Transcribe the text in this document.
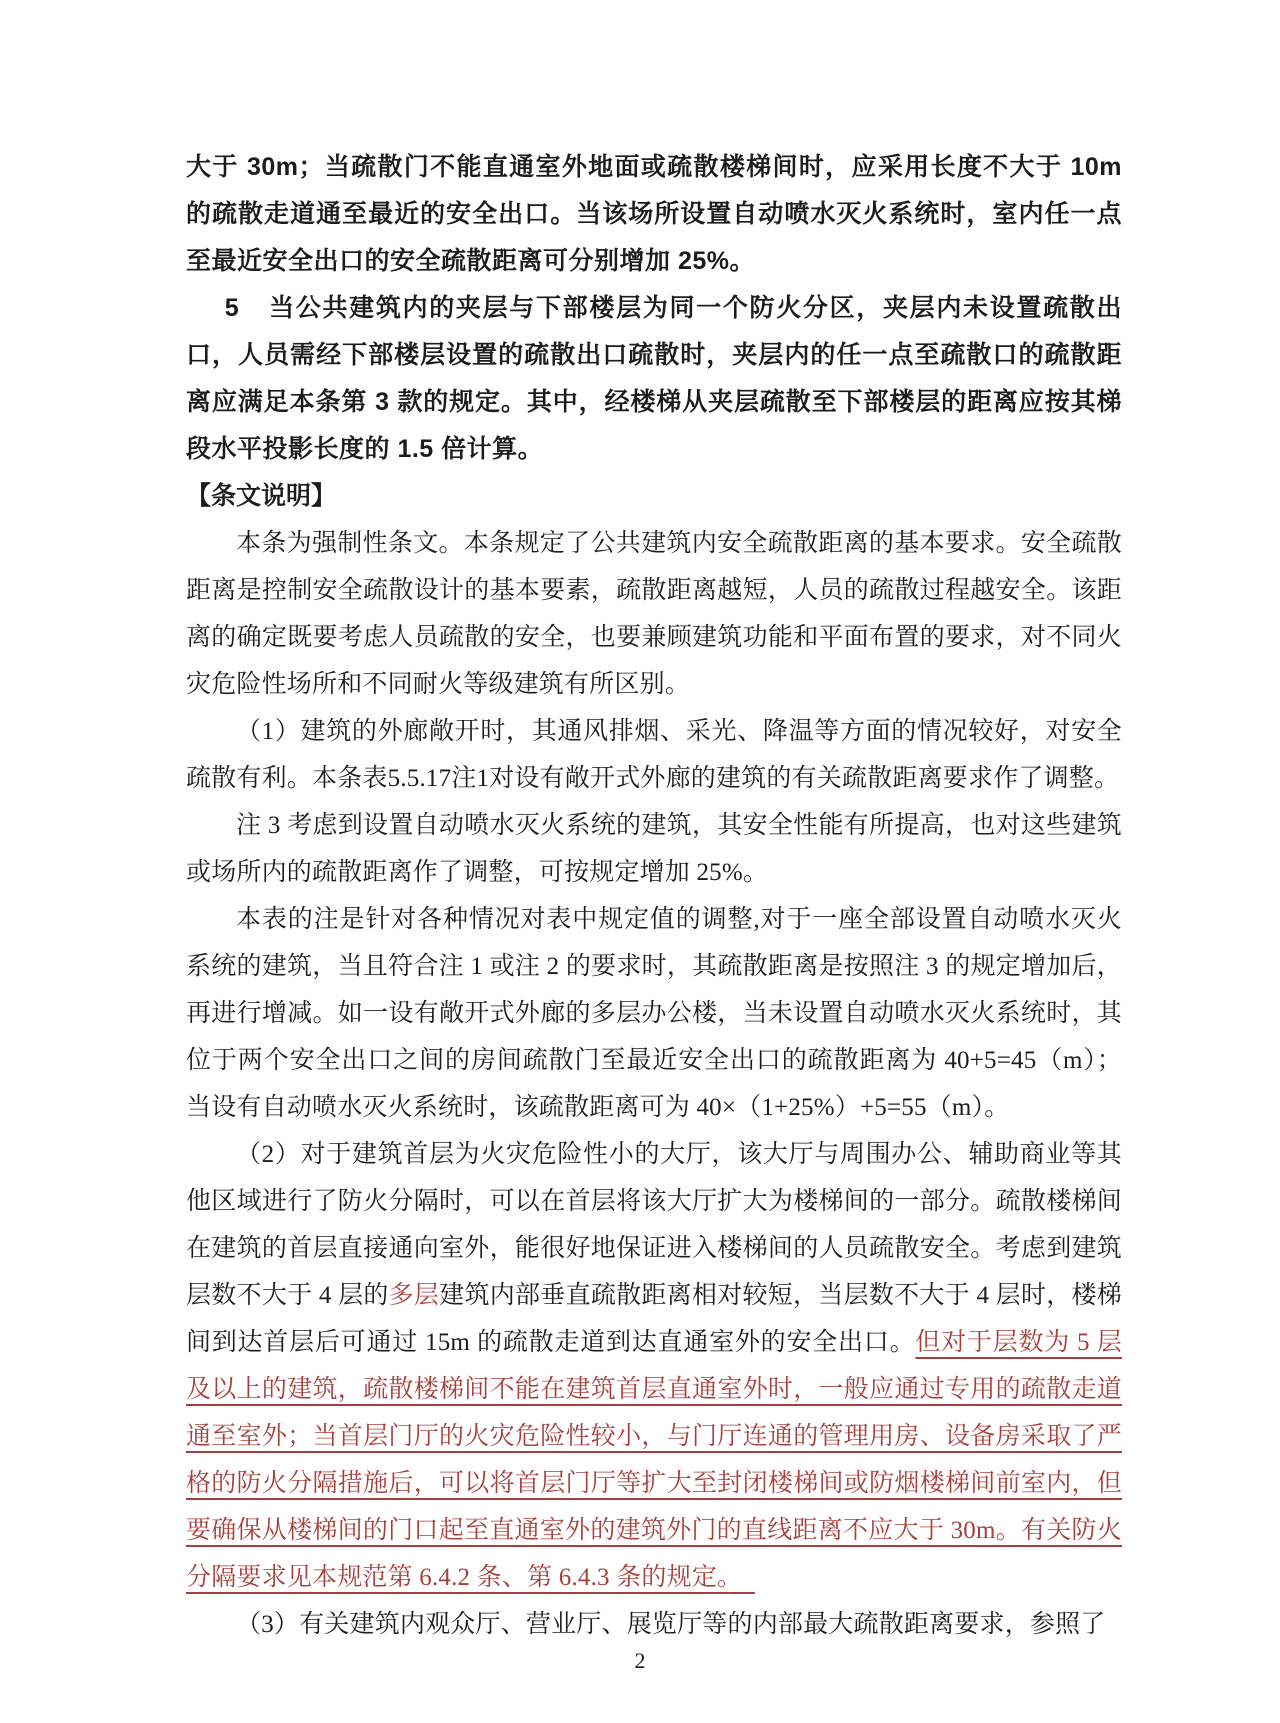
大于 30m；当疏散门不能直通室外地面或疏散楼梯间时，应采用长度不大于 10m 的疏散走道通至最近的安全出口。当该场所设置自动喷水灭火系统时，室内任一点至最近安全出口的安全疏散距离可分别增加 25%。

5 当公共建筑内的夹层与下部楼层为同一个防火分区，夹层内未设置疏散出口，人员需经下部楼层设置的疏散出口疏散时，夹层内的任一点至疏散口的疏散距离应满足本条第 3 款的规定。其中，经楼梯从夹层疏散至下部楼层的距离应按其梯段水平投影长度的 1.5 倍计算。

【条文说明】

本条为强制性条文。本条规定了公共建筑内安全疏散距离的基本要求。安全疏散距离是控制安全疏散设计的基本要素，疏散距离越短，人员的疏散过程越安全。该距离的确定既要考虑人员疏散的安全，也要兼顾建筑功能和平面布置的要求，对不同火灾危险性场所和不同耐火等级建筑有所区别。

（1）建筑的外廊敞开时，其通风排烟、采光、降温等方面的情况较好，对安全疏散有利。本条表5.5.17注1对设有敞开式外廊的建筑的有关疏散距离要求作了调整。

注 3 考虑到设置自动喷水灭火系统的建筑，其安全性能有所提高，也对这些建筑或场所内的疏散距离作了调整，可按规定增加 25%。

本表的注是针对各种情况对表中规定值的调整,对于一座全部设置自动喷水灭火系统的建筑，当且符合注 1 或注 2 的要求时，其疏散距离是按照注 3 的规定增加后，再进行增减。如一设有敞开式外廊的多层办公楼，当未设置自动喷水灭火系统时，其位于两个安全出口之间的房间疏散门至最近安全出口的疏散距离为 40+5=45（m）；当设有自动喷水灭火系统时，该疏散距离可为 40×（1+25%）+5=55（m）。

（2）对于建筑首层为火灾危险性小的大厅，该大厅与周围办公、辅助商业等其他区域进行了防火分隔时，可以在首层将该大厅扩大为楼梯间的一部分。疏散楼梯间在建筑的首层直接通向室外，能很好地保证进入楼梯间的人员疏散安全。考虑到建筑层数不大于 4 层的多层建筑内部垂直疏散距离相对较短，当层数不大于 4 层时，楼梯间到达首层后可通过 15m 的疏散走道到达直通室外的安全出口。但对于层数为 5 层及以上的建筑，疏散楼梯间不能在建筑首层直通室外时，一般应通过专用的疏散走道通至室外；当首层门厅的火灾危险性较小，与门厅连通的管理用房、设备房采取了严格的防火分隔措施后，可以将首层门厅等扩大至封闭楼梯间或防烟楼梯间前室内，但要确保从楼梯间的门口起至直通室外的建筑外门的直线距离不应大于 30m。有关防火分隔要求见本规范第 6.4.2 条、第 6.4.3 条的规定。　

（3）有关建筑内观众厅、营业厅、展览厅等的内部最大疏散距离要求，参照了

2
